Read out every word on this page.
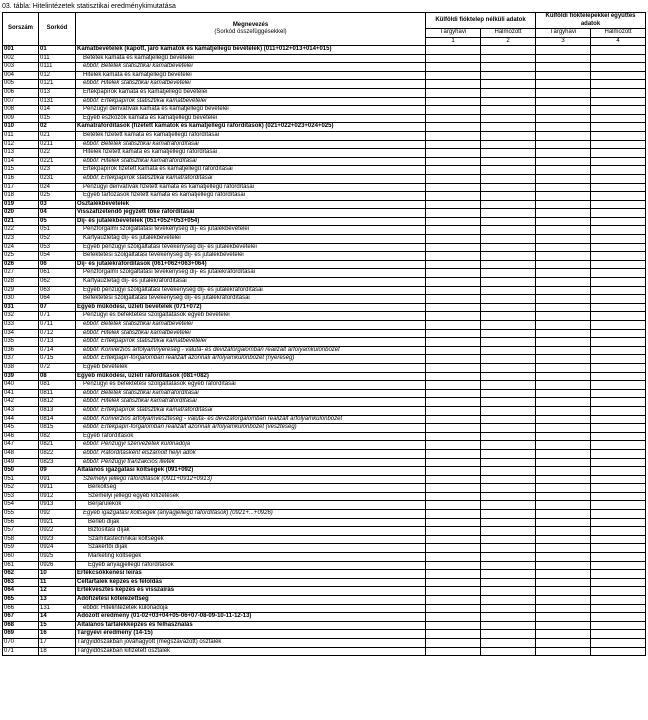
03. tábla: Hitelintézetek statisztikai eredménykimutatása
Sorszám	Sorkód	Megnevezés
(Sorkód összefüggésekkel)	Külföldi fióktelep nélküli adatok		Külföldi fióktelepekkel együttes adatok	
			Tárgyhavi	Halmozott	Tárgyhavi	Halmozott
			1	2	3	4
001	01	Kamatbevételek (kapott, járó kamatok és kamatjellegű bevételek) (011+012+013+014+015)				
002	011	Betétek kamata és kamatjellegű bevételei				
003	0111	ebből: Betétek statisztikai kamatbevételei				
004	012	Hitelek kamata és kamatjellegű bevételei				
005	0121	ebből: Hitelek statisztikai kamatbevételei				
006	013	Értékpapírok kamata és kamatjellegű bevételei				
007	0131	ebből: Értékpapírok statisztikai kamatbevételei				
008	014	Pénzügyi derivatívák kamata és kamatjellegű bevételei				
009	015	Egyéb eszközök kamata és kamatjellegű bevételei				
010	02	Kamatráfordítások (fizetett kamatok és kamatjellegű ráfordítások) (021+022+023+024+025)				
011	021	Betétek fizetett kamata és kamatjellegű ráfordításai				
012	0211	ebből: Betétek statisztikai kamatráfordításai				
013	022	Hitelek fizetett kamata és kamatjellegű ráfordításai				
014	0221	ebből: Hitelek statisztikai kamatráfordításai				
015	023	Értékpapírok fizetett kamata és kamatjellegű ráfordításai				
016	0231	ebből: Értékpapírok statisztikai kamatráfordításai				
017	024	Pénzügyi derivatívák fizetett kamata és kamatjellegű ráfordításai				
018	025	Egyéb tartozások fizetett kamata és kamatjellegű ráfordításai				
019	03	Osztalékbevételek				
020	04	Visszafizetendő jegyzett tőke ráfordításai				
021	05	Díj- és jutalékbevételek (051+052+053+054)				
022	051	Pénzforgalmi szolgáltatási tevékenység díj- és jutalékbevételei				
023	052	Kártyaüzletág díj- és jutalékbevételei				
024	053	Egyéb pénzügyi szolgáltatási tevékenység díj- és jutalékbevételei				
025	054	Befektetési szolgáltatási tevékenység díj- és jutalékbevételei				
026	06	Díj- és jutalékráfordítások (061+062+063+064)				
027	061	Pénzforgalmi szolgáltatási tevékenység díj- és jutalékráfordításai				
028	062	Kártyaüzletág díj- és jutalékráfordításai				
029	063	Egyéb pénzügyi szolgáltatási tevékenység díj- és jutalékráfordításai				
030	064	Befektetési szolgáltatási tevékenység díj- és jutalékráfordításai				
031	07	Egyéb működési, üzleti bevételek (071+072)				
032	071	Pénzügyi és befektetési szolgáltatások egyéb bevételei				
033	0711	ebből: Betétek statisztikai kamatbevételei				
034	0712	ebből: Hitelek statisztikai kamatbevételei				
035	0713	ebből: Értékpapírok statisztikai kamatbevételei				
036	0714	ebből: Konverziós árfolyamnyereség - valuta- és devizaforgalomban realizált árfolyamkülönbözet				
037	0715	ebből: Értékpapír-forgalomban realizált azonnali árfolyamkülönbözet (nyereség)				
038	072	Egyéb bevételek				
039	08	Egyéb működési, üzleti ráfordítások (081+082)				
040	081	Pénzügyi és befektetési szolgáltatások egyéb ráfordításai				
041	0811	ebből: Betétek statisztikai kamatráfordításai				
042	0812	ebből: Hitelek statisztikai kamatráfordításai				
043	0813	ebből: Értékpapírok statisztikai kamatráfordításai				
044	0814	ebből: Konverziós árfolyamveszteség - valuta- és devizaforgalomban realizált árfolyamkülönbözet				
045	0815	ebből: Értékpapír-forgalomban realizált azonnali árfolyamkülönbözet (veszteség)				
046	082	Egyéb ráfordítások				
047	0821	ebből: Pénzügyi szervezetek különadója				
048	0822	ebből: Ráfordításként elszámolt helyi adók				
049	0823	ebből: Pénzügyi tranzakciós illeték				
050	09	Általános igazgatási költségek (091+092)				
051	091	Személyi jellegű ráfordítások (0911+0912+0913)				
052	0911	Bérköltség				
053	0912	Személyi jellegű egyéb kifizetések				
054	0913	Bérjárulékok				
055	092	Egyéb igazgatási költségek (anyagjellegű ráfordítások) (0921+...+0926)				
056	0921	Bérleti díjak				
057	0922	Biztosítási díjak				
058	0923	Számítástechnikai költségek				
059	0924	Szakértői díjak				
060	0925	Marketing költségek				
061	0926	Egyéb anyagjellegű ráfordítások				
062	10	Értékcsökkenési leírás				
063	11	Céltartalék képzés és feloldás				
064	12	Értékvesztés képzés és visszaírás				
065	13	Adófizetési kötelezettség				
066	131	ebből: Hitelintézetek különadója				
067	14	Adózott eredmény (01-02+03+04+05-06+07-08-09-10-11-12-13)				
068	15	Általános tartalékképzés és felhasználás				
069	16	Tárgyévi eredmény (14-15)				
070	17	Tárgyidőszakban jóváhagyott (megszavazott) osztalék				
071	18	Tárgyidőszakban kifizetett osztalék				
